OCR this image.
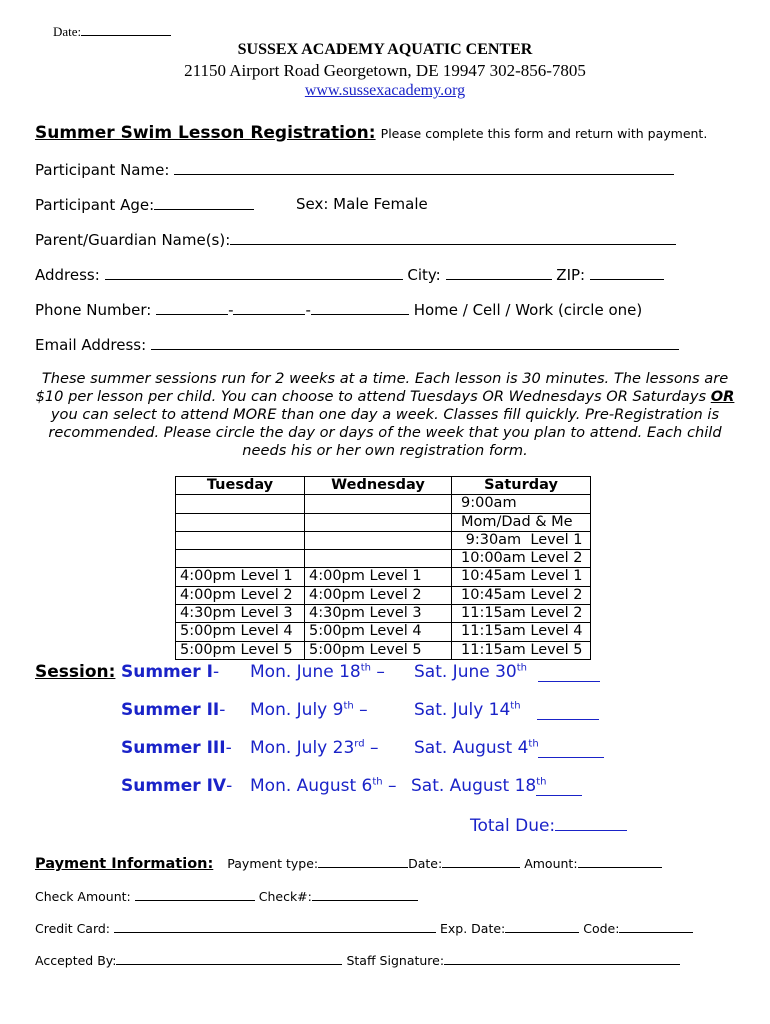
Date:
SUSSEX ACADEMY AQUATIC CENTER
21150 Airport Road Georgetown, DE 19947 302-856-7805
www.sussexacademy.org
Summer Swim Lesson Registration: Please complete this form and return with payment.
Participant Name:
Participant Age:	Sex: Male Female
Parent/Guardian Name(s):
Address:	City:	ZIP:
Phone Number:	-	-	Home / Cell / Work (circle one)
Email Address:
These summer sessions run for 2 weeks at a time. Each lesson is 30 minutes. The lessons are
$10 per lesson per child. You can choose to attend Tuesdays OR Wednesdays OR Saturdays OR
you can select to attend MORE than one day a week. Classes fill quickly. Pre-Registration is
recommended. Please circle the day or days of the week that you plan to attend. Each child
needs his or her own registration form.
Tuesday	Wednesday	Saturday
		9:00am
		Mom/Dad & Me
		9:30am  Level 1
		10:00am Level 2
4:00pm Level 1	4:00pm Level 1	10:45am Level 1
4:00pm Level 2	4:00pm Level 2	10:45am Level 2
4:30pm Level 3	4:30pm Level 3	11:15am Level 2
5:00pm Level 4	5:00pm Level 4	11:15am Level 4
5:00pm Level 5	5:00pm Level 5	11:15am Level 5
Session: Summer I- Mon. June 18th – Sat. June 30th
Summer II- Mon. July 9th –	Sat. July 14th
Summer III- Mon. July 23rd – Sat. August 4th
Summer IV- Mon. August 6th – Sat. August 18th
Total Due:
Payment Information: Payment type:	Date:	Amount:
Check Amount:	Check#:
Credit Card:	Exp. Date:	Code:
Accepted By:	Staff Signature:
